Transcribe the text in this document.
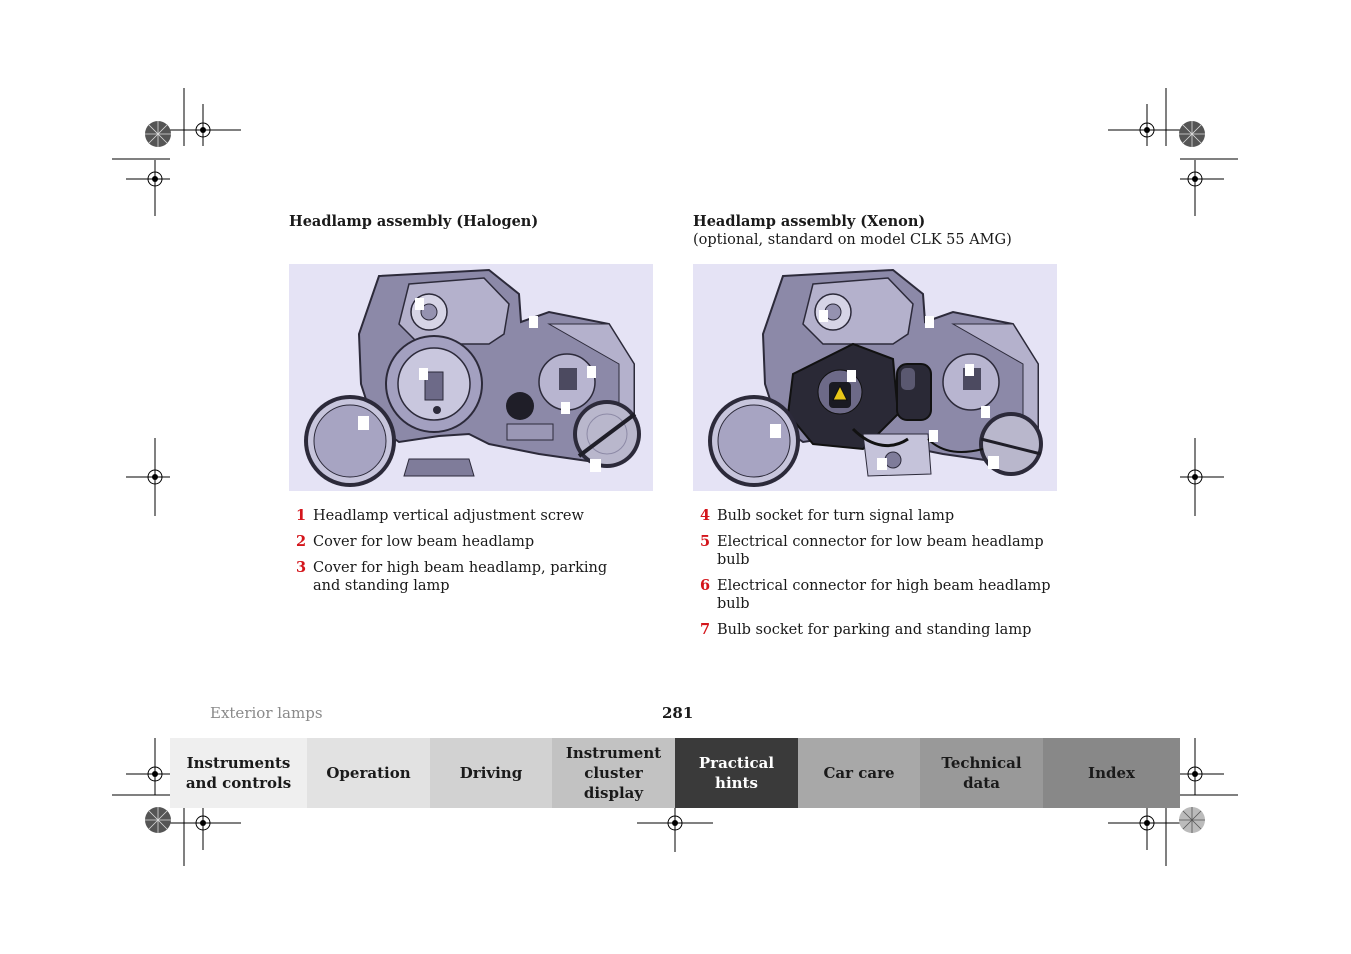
Headlamp assembly (Halogen)	Headlamp assembly (Xenon)
(optional, standard on model CLK 55 AMG)
1 Headlamp vertical adjustment screw
2 Cover for low beam headlamp
3 Cover for high beam headlamp, parking and standing lamp
4 Bulb socket for turn signal lamp
5 Electrical connector for low beam headlamp bulb
6 Electrical connector for high beam headlamp bulb
7 Bulb socket for parking and standing lamp
Exterior lamps	281
Instruments
and controls
Operation	Driving
Instrument
cluster display
Practical hints
Car care
Technical
data
Index
